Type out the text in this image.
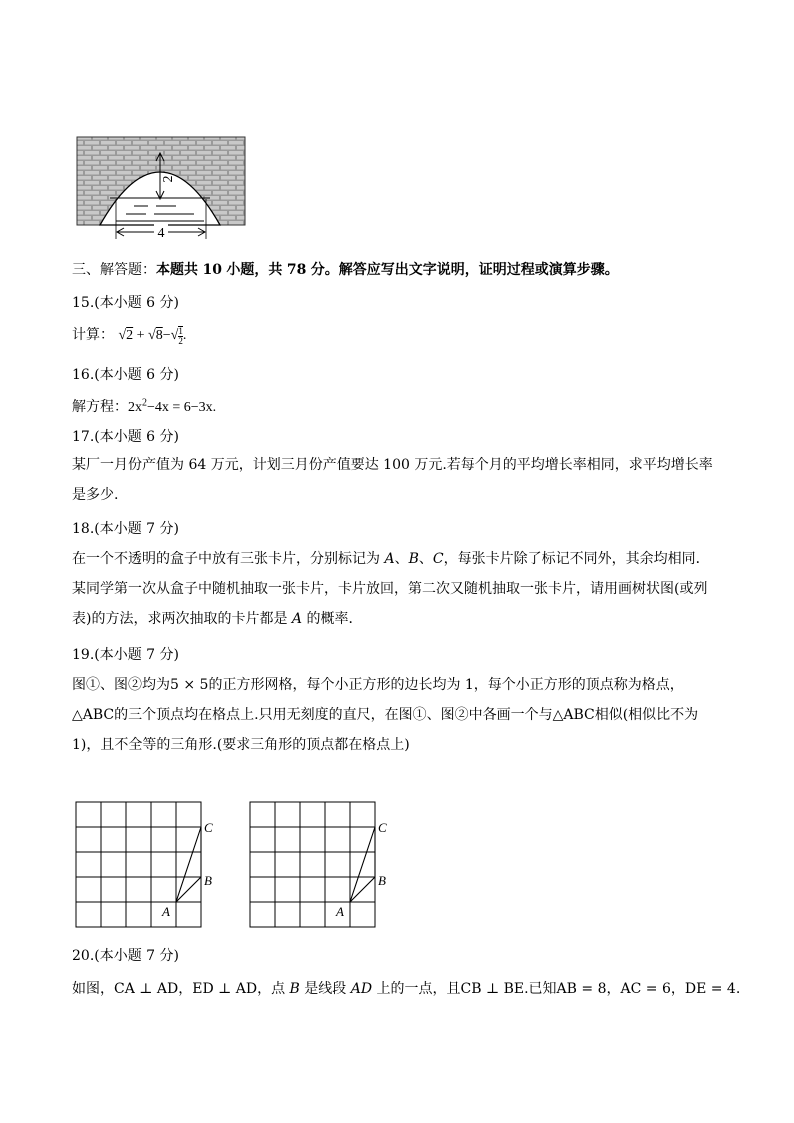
2
4
三、解答题：本题共 10 小题，共 78 分。解答应写出文字说明，证明过程或演算步骤。
15.(本小题 6 分)
计算： $√2 + √8-√ \frac{1}{2}$ .
16.(本小题 6 分)
解方程：$2x^2-4x = 6-3x$.
17.(本小题 6 分)
某厂一月份产值为 64 万元，计划三月份产值要达 100 万元.若每个月的平均增长率相同，求平均增长率是多少.
18.(本小题 7 分)
在一个不透明的盒子中放有三张卡片，分别标记为 A、B、C，每张卡片除了标记不同外，其余均相同．某同学第一次从盒子中随机抽取一张卡片，卡片放回，第二次又随机抽取一张卡片，请用画树状图(或列表)的方法，求两次抽取的卡片都是 A 的概率．
19.(本小题 7 分)
图①、图②均为5 × 5的正方形网格，每个小正方形的边长均为 1，每个小正方形的顶点称为格点，△ABC的三个顶点均在格点上.只用无刻度的直尺，在图①、图②中各画一个与△ABC相似(相似比不为1)，且不全等的三角形.(要求三角形的顶点都在格点上)
C
B
A
C
B
A
20.(本小题 7 分)
如图，CA ⊥ AD，ED ⊥ AD，点 B 是线段 AD 上的一点，且CB ⊥ BE.已知AB = 8，AC = 6，DE = 4.
